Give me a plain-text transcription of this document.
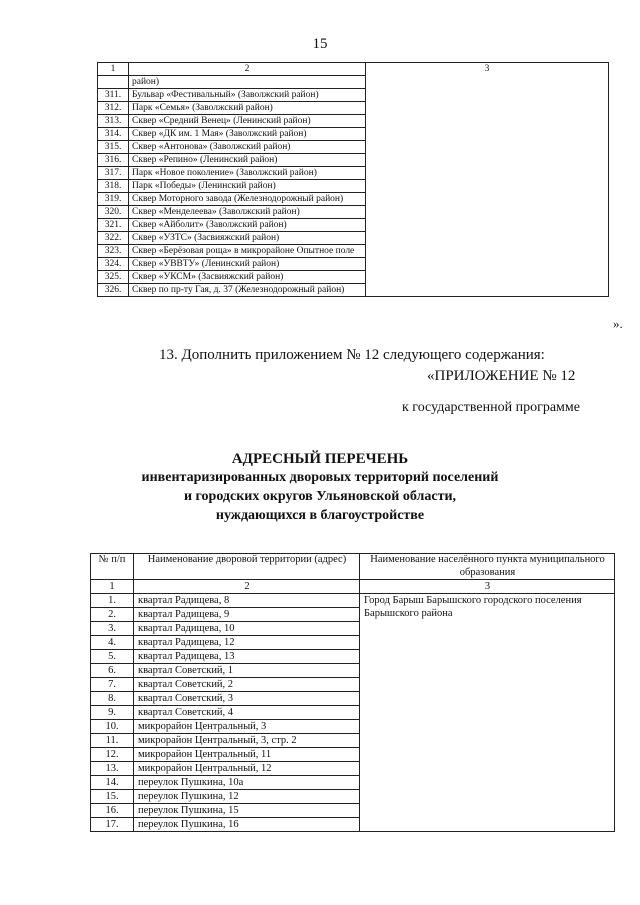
15
1	2	3
	район)	
311.	Бульвар «Фестивальный» (Заволжский район)	
312.	Парк «Семья» (Заволжский район)	
313.	Сквер «Средний Венец» (Ленинский район)	
314.	Сквер «ДК им. 1 Мая» (Заволжский район)	
315.	Сквер «Антонова» (Заволжский район)	
316.	Сквер «Репино» (Ленинский район)	
317.	Парк «Новое поколение» (Заволжский район)	
318.	Парк «Победы» (Ленинский район)	
319.	Сквер Моторного завода (Железнодорожный район)	
320.	Сквер «Менделеева» (Заволжский район)	
321.	Сквер «Айболит» (Заволжский район)	
322.	Сквер «УЗТС» (Засвияжский район)	
323.	Сквер «Берёзовая роща» в микрорайоне Опытное поле	
324.	Сквер «УВВТУ» (Ленинский район)	
325.	Сквер «УКСМ» (Засвияжский район)	
326.	Сквер по пр-ту Гая, д. 37 (Железнодорожный район)	
».
13. Дополнить приложением № 12 следующего содержания:
«ПРИЛОЖЕНИЕ № 12
к государственной программе
АДРЕСНЫЙ ПЕРЕЧЕНЬ
инвентаризированных дворовых территорий поселений
и городских округов Ульяновской области,
нуждающихся в благоустройстве
№ п/п	Наименование дворовой территории (адрес)	Наименование населённого пункта муниципального образования
1	2	3
1.	квартал Радищева, 8	Город Барыш Барышского городского поселения Барышского района
2.	квартал Радищева, 9	
3.	квартал Радищева, 10	
4.	квартал Радищева, 12	
5.	квартал Радищева, 13	
6.	квартал Советский, 1	
7.	квартал Советский, 2	
8.	квартал Советский, 3	
9.	квартал Советский, 4	
10.	микрорайон Центральный, 3	
11.	микрорайон Центральный, 3, стр. 2	
12.	микрорайон Центральный, 11	
13.	микрорайон Центральный, 12	
14.	переулок Пушкина, 10а	
15.	переулок Пушкина, 12	
16.	переулок Пушкина, 15	
17.	переулок Пушкина, 16	
